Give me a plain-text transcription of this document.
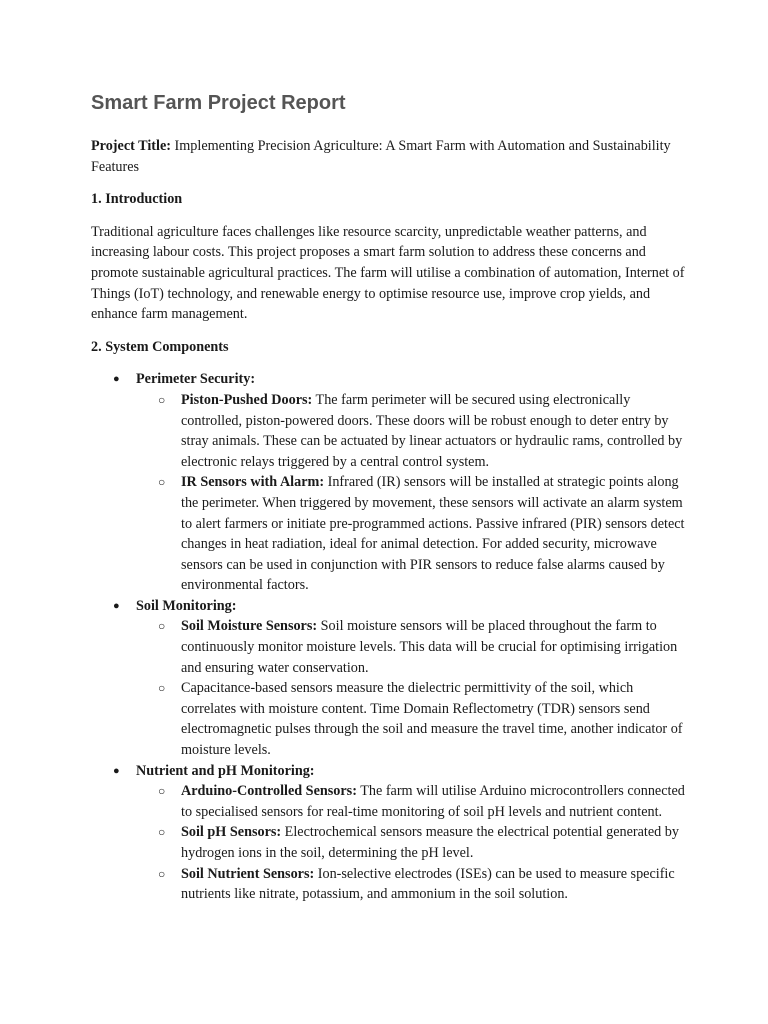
Smart Farm Project Report

Project Title: Implementing Precision Agriculture: A Smart Farm with Automation and Sustainability Features

1. Introduction

Traditional agriculture faces challenges like resource scarcity, unpredictable weather patterns, and increasing labour costs. This project proposes a smart farm solution to address these concerns and promote sustainable agricultural practices. The farm will utilise a combination of automation, Internet of Things (IoT) technology, and renewable energy to optimise resource use, improve crop yields, and enhance farm management.

2. System Components
● Perimeter Security:
○ Piston-Pushed Doors: The farm perimeter will be secured using electronically controlled, piston-powered doors. These doors will be robust enough to deter entry by stray animals. These can be actuated by linear actuators or hydraulic rams, controlled by electronic relays triggered by a central control system.
○ IR Sensors with Alarm: Infrared (IR) sensors will be installed at strategic points along the perimeter. When triggered by movement, these sensors will activate an alarm system to alert farmers or initiate pre-programmed actions. Passive infrared (PIR) sensors detect changes in heat radiation, ideal for animal detection. For added security, microwave sensors can be used in conjunction with PIR sensors to reduce false alarms caused by environmental factors.
● Soil Monitoring:
○ Soil Moisture Sensors: Soil moisture sensors will be placed throughout the farm to continuously monitor moisture levels. This data will be crucial for optimising irrigation and ensuring water conservation.
○ Capacitance-based sensors measure the dielectric permittivity of the soil, which correlates with moisture content. Time Domain Reflectometry (TDR) sensors send electromagnetic pulses through the soil and measure the travel time, another indicator of moisture levels.
● Nutrient and pH Monitoring:
○ Arduino-Controlled Sensors: The farm will utilise Arduino microcontrollers connected to specialised sensors for real-time monitoring of soil pH levels and nutrient content.
○ Soil pH Sensors: Electrochemical sensors measure the electrical potential generated by hydrogen ions in the soil, determining the pH level.
○ Soil Nutrient Sensors: Ion-selective electrodes (ISEs) can be used to measure specific nutrients like nitrate, potassium, and ammonium in the soil solution.
